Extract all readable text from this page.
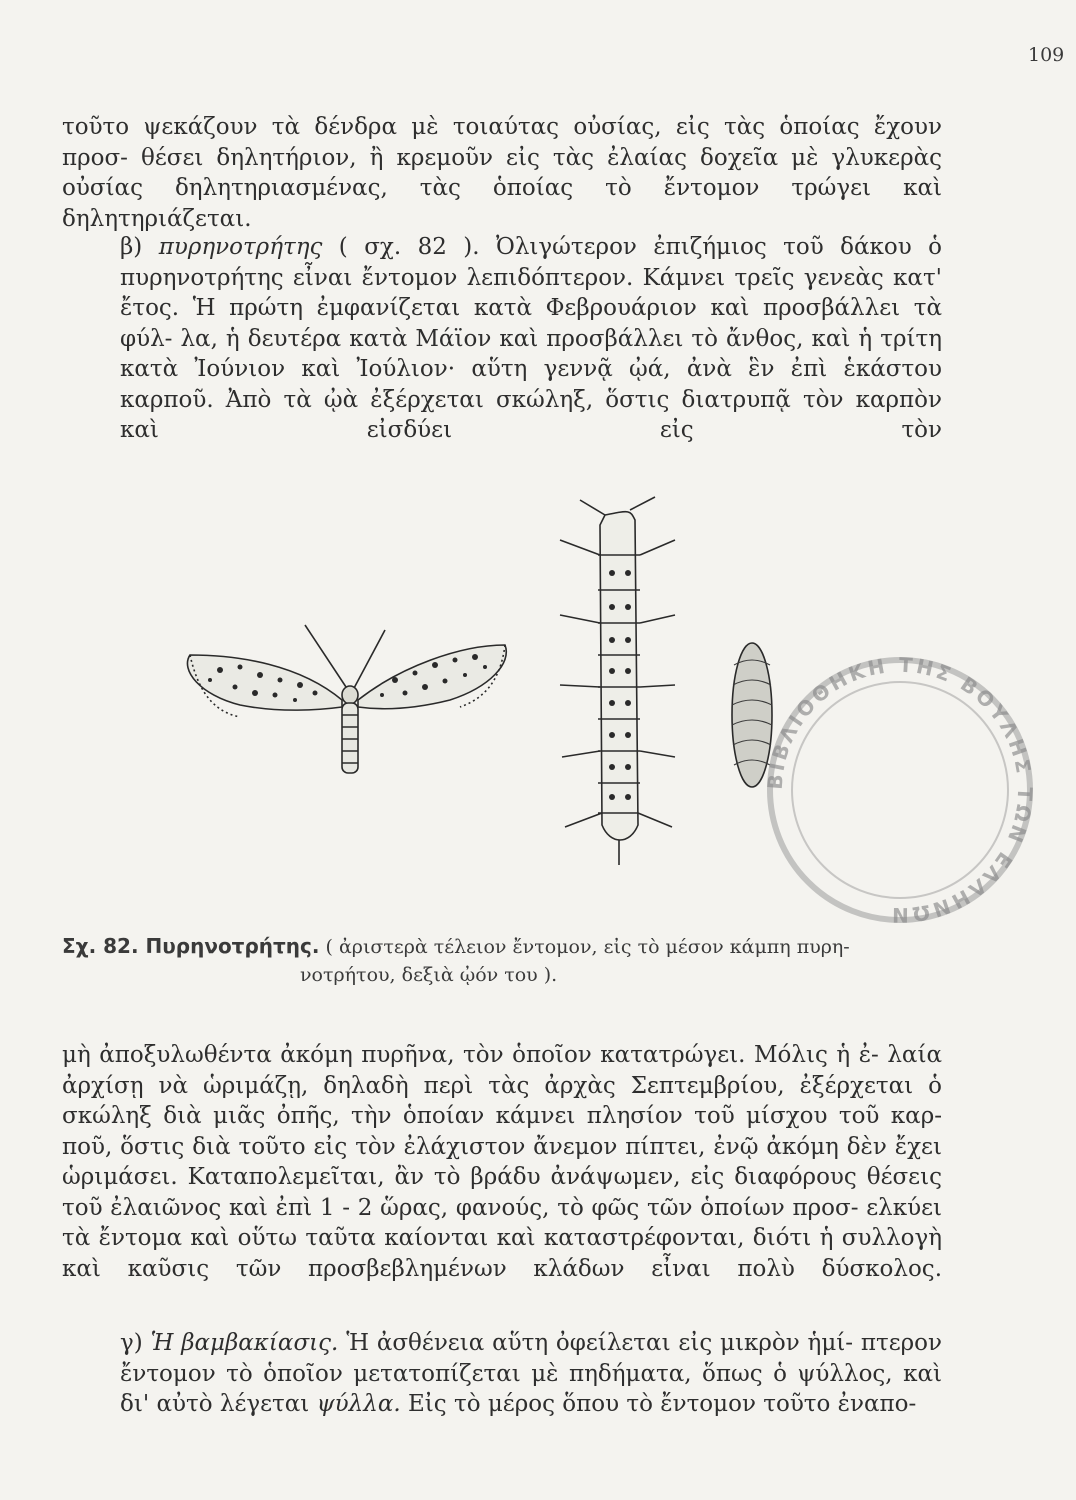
109

τοῦτο ψεκάζουν τὰ δένδρα μὲ τοιαύτας οὐσίας, εἰς τὰς ὁποίας ἔχουν προσ- θέσει δηλητήριον, ἢ κρεμοῦν εἰς τὰς ἐλαίας δοχεῖα μὲ γλυκερὰς οὐσίας δηλητηριασμένας, τὰς ὁποίας τὸ ἔντομον τρώγει καὶ δηλητηριάζεται.

β) πυρηνοτρήτης ( σχ. 82 ). Ὀλιγώτερον ἐπιζήμιος τοῦ δάκου ὁ πυρηνοτρήτης εἶναι ἔντομον λεπιδόπτερον. Κάμνει τρεῖς γενεὰς κατ' ἔτος. Ἡ πρώτη ἐμφανίζεται κατὰ Φεβρουάριον καὶ προσβάλλει τὰ φύλ- λα, ἡ δευτέρα κατὰ Μάϊον καὶ προσβάλλει τὸ ἄνθος, καὶ ἡ τρίτη κατὰ Ἰούνιον καὶ Ἰούλιον· αὕτη γεννᾷ ᾠά, ἀνὰ ἓν ἐπὶ ἑκάστου καρποῦ. Ἀπὸ τὰ ᾠὰ ἐξέρχεται σκώληξ, ὅστις διατρυπᾷ τὸν καρπὸν καὶ εἰσδύει εἰς τὸν

ΒΙΒΛΙΟΘΗΚΗ ΤΗΣ ΒΟΥΛΗΣ ΤΩΝ ΕΛΛΗΝΩΝ
Σχ. 82. Πυρηνοτρήτης. ( ἀριστερὰ τέλειον ἔντομον, εἰς τὸ μέσον κάμπη πυρη-
νοτρήτου, δεξιὰ ᾠόν του ).

μὴ ἀποξυλωθέντα ἀκόμη πυρῆνα, τὸν ὁποῖον κατατρώγει. Μόλις ἡ ἐ- λαία ἀρχίσῃ νὰ ὡριμάζῃ, δηλαδὴ περὶ τὰς ἀρχὰς Σεπτεμβρίου, ἐξέρχεται ὁ σκώληξ διὰ μιᾶς ὀπῆς, τὴν ὁποίαν κάμνει πλησίον τοῦ μίσχου τοῦ καρ- ποῦ, ὅστις διὰ τοῦτο εἰς τὸν ἐλάχιστον ἄνεμον πίπτει, ἐνῷ ἀκόμη δὲν ἔχει ὡριμάσει. Καταπολεμεῖται, ἂν τὸ βράδυ ἀνάψωμεν, εἰς διαφόρους θέσεις τοῦ ἐλαιῶνος καὶ ἐπὶ 1 - 2 ὥρας, φανούς, τὸ φῶς τῶν ὁποίων προσ- ελκύει τὰ ἔντομα καὶ οὕτω ταῦτα καίονται καὶ καταστρέφονται, διότι ἡ συλλογὴ καὶ καῦσις τῶν προσβεβλημένων κλάδων εἶναι πολὺ δύσκολος.

γ) Ἡ βαμβακίασις. Ἡ ἀσθένεια αὕτη ὀφείλεται εἰς μικρὸν ἡμί- πτερον ἔντομον τὸ ὁποῖον μετατοπίζεται μὲ πηδήματα, ὅπως ὁ ψύλλος, καὶ δι' αὐτὸ λέγεται ψύλλα. Εἰς τὸ μέρος ὅπου τὸ ἔντομον τοῦτο ἐναπο-
